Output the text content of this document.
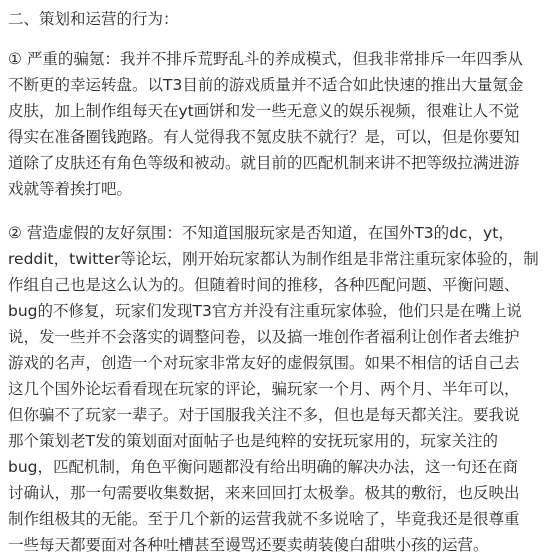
二、策划和运营的行为：
① 严重的骗氪：我并不排斥荒野乱斗的养成模式，但我非常排斥一年四季从
不断更的幸运转盘。以T3目前的游戏质量并不适合如此快速的推出大量氪金
皮肤，加上制作组每天在yt画饼和发一些无意义的娱乐视频，很难让人不觉
得实在准备圈钱跑路。有人觉得我不氪皮肤不就行？是，可以，但是你要知
道除了皮肤还有角色等级和被动。就目前的匹配机制来讲不把等级拉满进游
戏就等着挨打吧。
② 营造虚假的友好氛围：不知道国服玩家是否知道，在国外T3的dc，yt，
reddit，twitter等论坛，刚开始玩家都认为制作组是非常注重玩家体验的，制
作组自己也是这么认为的。但随着时间的推移，各种匹配问题、平衡问题、
bug的不修复，玩家们发现T3官方并没有注重玩家体验，他们只是在嘴上说
说，发一些并不会落实的调整问卷，以及搞一堆创作者福利让创作者去维护
游戏的名声，创造一个对玩家非常友好的虚假氛围。如果不相信的话自己去
这几个国外论坛看看现在玩家的评论，骗玩家一个月、两个月、半年可以，
但你骗不了玩家一辈子。对于国服我关注不多，但也是每天都关注。要我说
那个策划老T发的策划面对面帖子也是纯粹的安抚玩家用的，玩家关注的
bug，匹配机制，角色平衡问题都没有给出明确的解决办法，这一句还在商
讨确认，那一句需要收集数据，来来回回打太极拳。极其的敷衍，也反映出
制作组极其的无能。至于几个新的运营我就不多说啥了，毕竟我还是很尊重
一些每天都要面对各种吐槽甚至谩骂还要卖萌装傻白甜哄小孩的运营。
